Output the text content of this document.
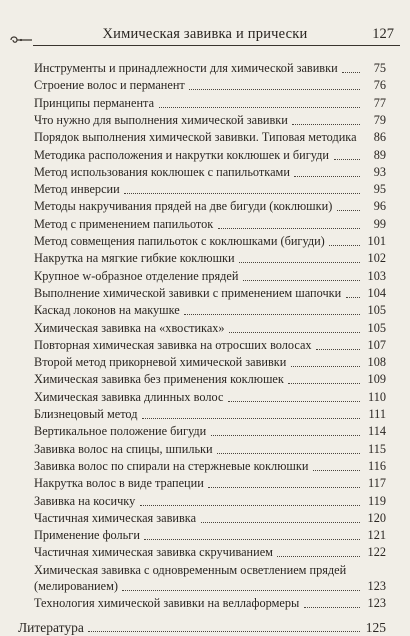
Химическая завивка и прически	127
Инструменты и принадлежности для химической завивки	75
Строение волос и перманент	76
Принципы перманента	77
Что нужно для выполнения химической завивки	79
Порядок выполнения химической завивки. Типовая методика	86
Методика расположения и накрутки коклюшек и бигуди	89
Метод использования коклюшек с папильотками	93
Метод инверсии	95
Методы накручивания прядей на две бигуди (коклюшки)	96
Метод с применением папильоток	99
Метод совмещения папильоток с коклюшками (бигуди)	101
Накрутка на мягкие гибкие коклюшки	102
Крупное w-образное отделение прядей	103
Выполнение химической завивки с применением шапочки 104
Каскад локонов на макушке	105
Химическая завивка на «хвостиках»	105
Повторная химическая завивка на отросших волосах	107
Второй метод прикорневой химической завивки	108
Химическая завивка без применения коклюшек	109
Химическая завивка длинных волос	110
Близнецовый метод	111
Вертикальное положение бигуди	114
Завивка волос на спицы, шпильки	115
Завивка волос по спирали на стержневые коклюшки	116
Накрутка волос в виде трапеции	117
Завивка на косичку	119
Частичная химическая завивка	120
Применение фольги	121
Частичная химическая завивка скручиванием	122
Химическая завивка с одновременным осветлением прядей
(мелированием)	123
Технология химической завивки на веллаформеры	123
Литература	125
